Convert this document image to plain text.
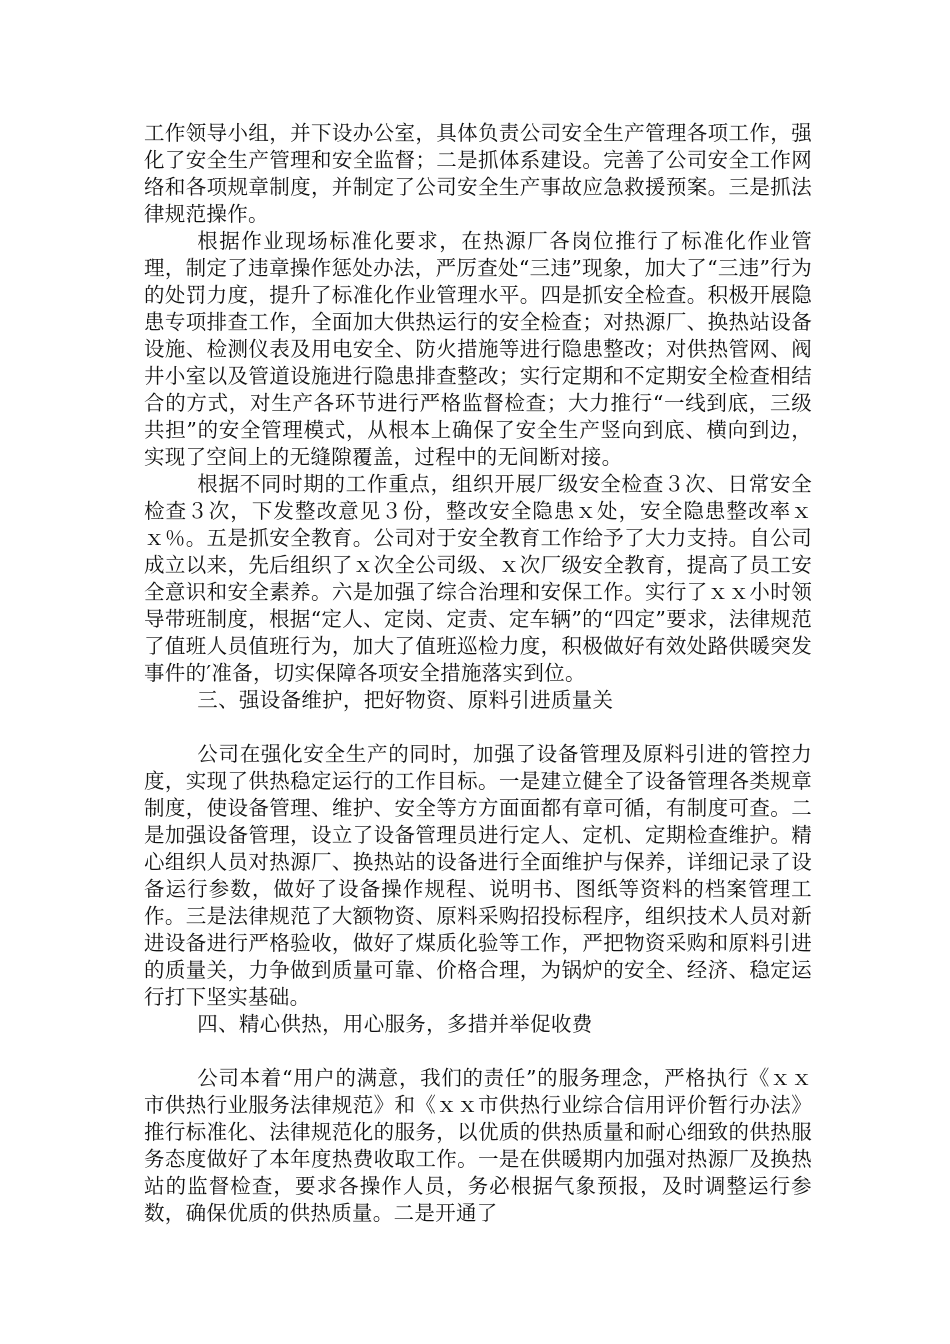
工作领导小组，并下设办公室，具体负责公司安全生产管理各项工作，强化了安全生产管理和安全监督；二是抓体系建设。完善了公司安全工作网络和各项规章制度，并制定了公司安全生产事故应急救援预案。三是抓法律规范操作。

根据作业现场标准化要求，在热源厂各岗位推行了标准化作业管理，制定了违章操作惩处办法，严厉查处“三违”现象，加大了“三违”行为的处罚力度，提升了标准化作业管理水平。四是抓安全检查。积极开展隐患专项排查工作，全面加大供热运行的安全检查；对热源厂、换热站设备设施、检测仪表及用电安全、防火措施等进行隐患整改；对供热管网、阀井小室以及管道设施进行隐患排查整改；实行定期和不定期安全检查相结合的方式，对生产各环节进行严格监督检查；大力推行“一线到底，三级共担”的安全管理模式，从根本上确保了安全生产竖向到底、横向到边，实现了空间上的无缝隙覆盖，过程中的无间断对接。

根据不同时期的工作重点，组织开展厂级安全检查３次、日常安全检查３次，下发整改意见３份，整改安全隐患ｘ处，安全隐患整改率ｘｘ％。五是抓安全教育。公司对于安全教育工作给予了大力支持。自公司成立以来，先后组织了ｘ次全公司级、ｘ次厂级安全教育，提高了员工安全意识和安全素养。六是加强了综合治理和安保工作。实行了ｘｘ小时领导带班制度，根据“定人、定岗、定责、定车辆”的“四定”要求，法律规范了值班人员值班行为，加大了值班巡检力度，积极做好有效处路供暖突发事件的′准备，切实保障各项安全措施落实到位。

三、强设备维护，把好物资、原料引进质量关

公司在强化安全生产的同时，加强了设备管理及原料引进的管控力度，实现了供热稳定运行的工作目标。一是建立健全了设备管理各类规章制度，使设备管理、维护、安全等方方面面都有章可循，有制度可查。二是加强设备管理，设立了设备管理员进行定人、定机、定期检查维护。精心组织人员对热源厂、换热站的设备进行全面维护与保养，详细记录了设备运行参数，做好了设备操作规程、说明书、图纸等资料的档案管理工作。三是法律规范了大额物资、原料采购招投标程序，组织技术人员对新进设备进行严格验收，做好了煤质化验等工作，严把物资采购和原料引进的质量关，力争做到质量可靠、价格合理，为锅炉的安全、经济、稳定运行打下坚实基础。

四、精心供热，用心服务，多措并举促收费

公司本着“用户的满意，我们的责任”的服务理念，严格执行《ｘｘ市供热行业服务法律规范》和《ｘｘ市供热行业综合信用评价暂行办法》推行标准化、法律规范化的服务，以优质的供热质量和耐心细致的供热服务态度做好了本年度热费收取工作。一是在供暖期内加强对热源厂及换热站的监督检查，要求各操作人员，务必根据气象预报，及时调整运行参数，确保优质的供热质量。二是开通了
